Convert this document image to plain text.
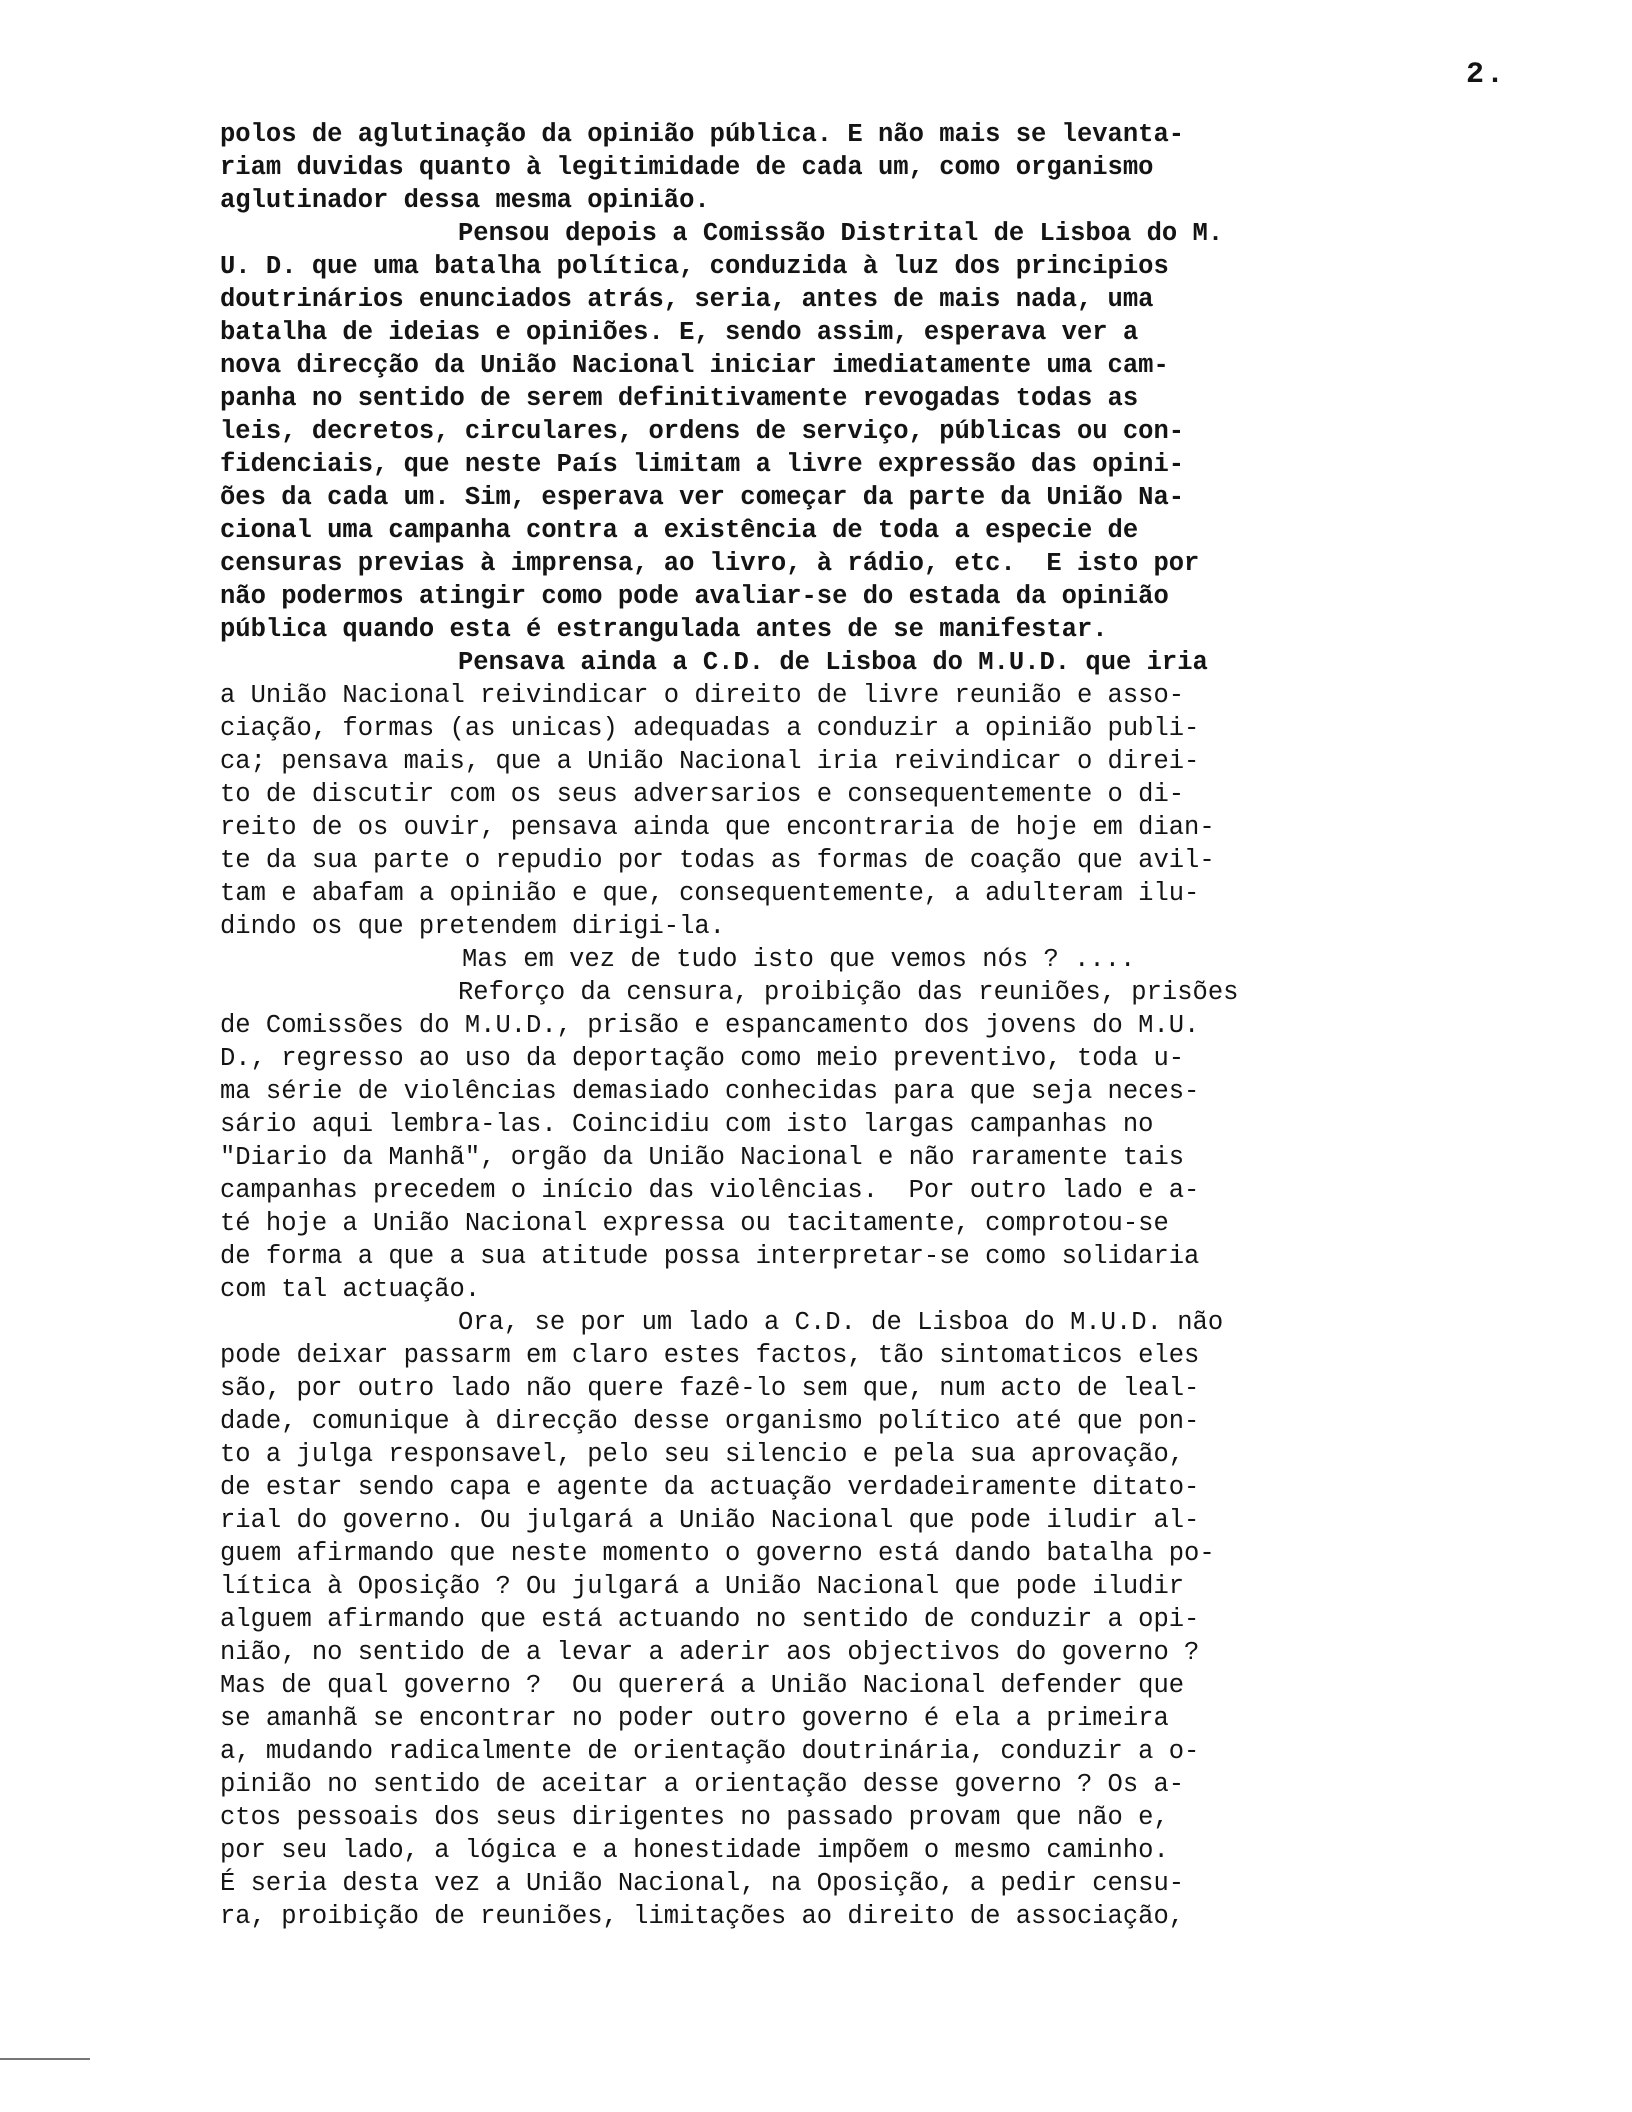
2.
polos de aglutinação da opinião pública. E não mais se levanta-
riam duvidas quanto à legitimidade de cada um, como organismo
aglutinador dessa mesma opinião.
Pensou depois a Comissão Distrital de Lisboa do M.
U. D. que uma batalha política, conduzida à luz dos principios
doutrinários enunciados atrás, seria, antes de mais nada, uma
batalha de ideias e opiniões. E, sendo assim, esperava ver a
nova direcção da União Nacional iniciar imediatamente uma cam-
panha no sentido de serem definitivamente revogadas todas as
leis, decretos, circulares, ordens de serviço, públicas ou con-
fidenciais, que neste País limitam a livre expressão das opini-
ões da cada um. Sim, esperava ver começar da parte da União Na-
cional uma campanha contra a existência de toda a especie de
censuras previas à imprensa, ao livro, à rádio, etc.  E isto por
não podermos atingir como pode avaliar-se do estada da opinião
pública quando esta é estrangulada antes de se manifestar.
Pensava ainda a C.D. de Lisboa do M.U.D. que iria
a União Nacional reivindicar o direito de livre reunião e asso-
ciação, formas (as unicas) adequadas a conduzir a opinião publi-
ca; pensava mais, que a União Nacional iria reivindicar o direi-
to de discutir com os seus adversarios e consequentemente o di-
reito de os ouvir, pensava ainda que encontraria de hoje em dian-
te da sua parte o repudio por todas as formas de coação que avil-
tam e abafam a opinião e que, consequentemente, a adulteram ilu-
dindo os que pretendem dirigi-la.
Mas em vez de tudo isto que vemos nós ? ....
Reforço da censura, proibição das reuniões, prisões
de Comissões do M.U.D., prisão e espancamento dos jovens do M.U.
D., regresso ao uso da deportação como meio preventivo, toda u-
ma série de violências demasiado conhecidas para que seja neces-
sário aqui lembra-las. Coincidiu com isto largas campanhas no
"Diario da Manhã", orgão da União Nacional e não raramente tais
campanhas precedem o início das violências.  Por outro lado e a-
té hoje a União Nacional expressa ou tacitamente, comprotou-se
de forma a que a sua atitude possa interpretar-se como solidaria
com tal actuação.
Ora, se por um lado a C.D. de Lisboa do M.U.D. não
pode deixar passarm em claro estes factos, tão sintomaticos eles
são, por outro lado não quere fazê-lo sem que, num acto de leal-
dade, comunique à direcção desse organismo político até que pon-
to a julga responsavel, pelo seu silencio e pela sua aprovação,
de estar sendo capa e agente da actuação verdadeiramente ditato-
rial do governo. Ou julgará a União Nacional que pode iludir al-
guem afirmando que neste momento o governo está dando batalha po-
lítica à Oposição ? Ou julgará a União Nacional que pode iludir
alguem afirmando que está actuando no sentido de conduzir a opi-
nião, no sentido de a levar a aderir aos objectivos do governo ?
Mas de qual governo ?  Ou quererá a União Nacional defender que
se amanhã se encontrar no poder outro governo é ela a primeira
a, mudando radicalmente de orientação doutrinária, conduzir a o-
pinião no sentido de aceitar a orientação desse governo ? Os a-
ctos pessoais dos seus dirigentes no passado provam que não e,
por seu lado, a lógica e a honestidade impõem o mesmo caminho.
É seria desta vez a União Nacional, na Oposição, a pedir censu-
ra, proibição de reuniões, limitações ao direito de associação,
